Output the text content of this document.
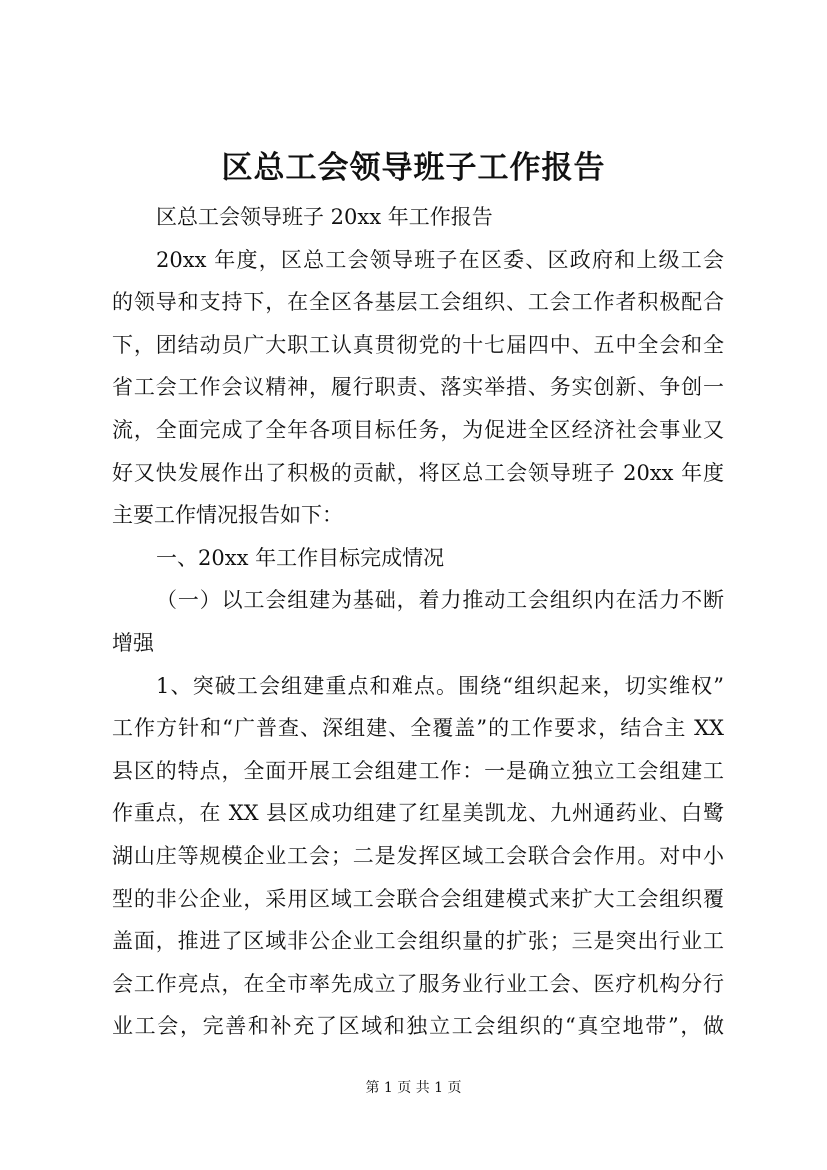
区总工会领导班子工作报告
区总工会领导班子 20xx 年工作报告
20xx 年度，区总工会领导班子在区委、区政府和上级工会
的领导和支持下，在全区各基层工会组织、工会工作者积极配合
下，团结动员广大职工认真贯彻党的十七届四中、五中全会和全
省工会工作会议精神，履行职责、落实举措、务实创新、争创一
流，全面完成了全年各项目标任务，为促进全区经济社会事业又
好又快发展作出了积极的贡献，将区总工会领导班子 20xx 年度
主要工作情况报告如下：
一、20xx 年工作目标完成情况
（一）以工会组建为基础，着力推动工会组织内在活力不断
增强
1、突破工会组建重点和难点。围绕“组织起来，切实维权”
工作方针和“广普查、深组建、全覆盖”的工作要求，结合主 XX
县区的特点，全面开展工会组建工作：一是确立独立工会组建工
作重点，在 XX 县区成功组建了红星美凯龙、九州通药业、白鹭
湖山庄等规模企业工会；二是发挥区域工会联合会作用。对中小
型的非公企业，采用区域工会联合会组建模式来扩大工会组织覆
盖面，推进了区域非公企业工会组织量的扩张；三是突出行业工
会工作亮点，在全市率先成立了服务业行业工会、医疗机构分行
业工会，完善和补充了区域和独立工会组织的“真空地带”，做
第 1 页 共 1 页
